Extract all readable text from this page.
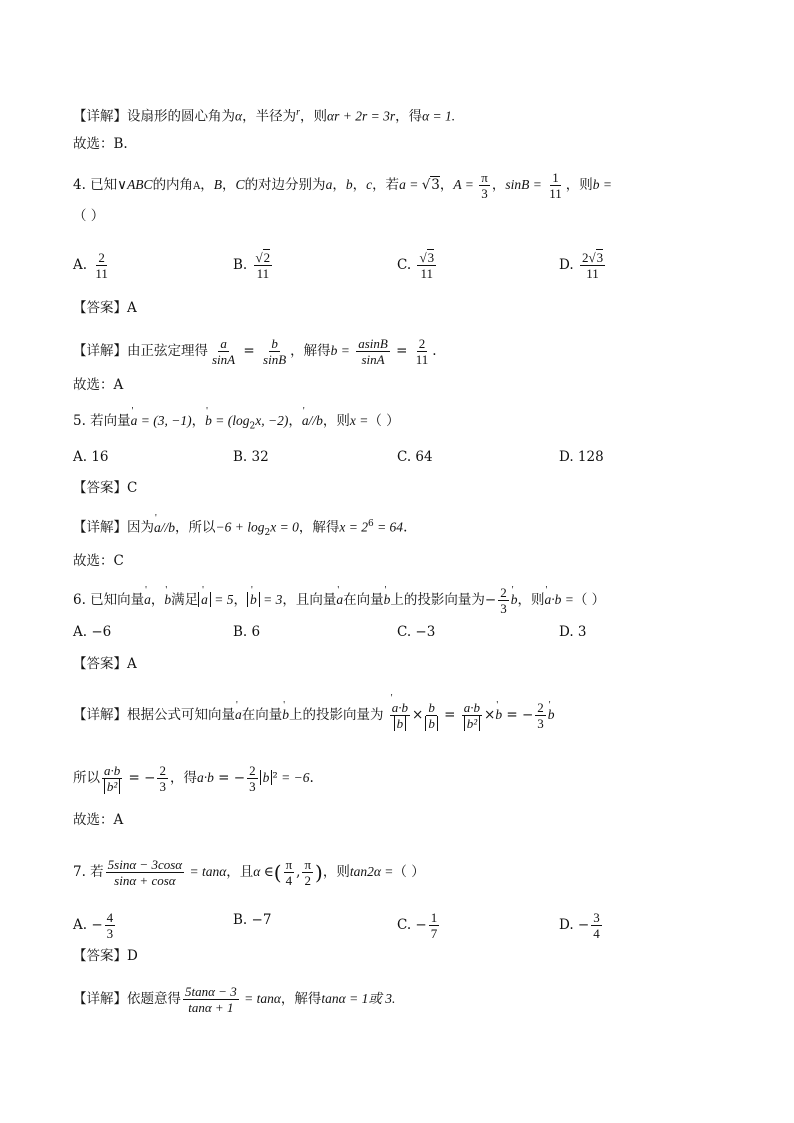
【详解】设扇形的圆心角为α，半径为$^r$，则αr + 2r = 3r，得α = 1.
故选：B.
4. 已知∨ABC的内角A，B，C的对边分别为a，b，c，若a = √3，$A = \frac{\pi}{3}$ ，$\sin B = \frac{1}{11}$ ，则b =
（ ）
A. $\frac{2}{11}$	B. $\frac{√2}{11}$	C. $\frac{√3}{11}$	D. $\frac{2√3}{11}$
【答案】A
【详解】由正弦定理得 $\frac{a}{\sin A} = \frac{b}{\sin B}$ ，解得$b = \frac{asinB}{\sin A} = \frac{2}{11}$ .
故选：A
5. 若向量' a = (3, −1)，' $b = (\log_2x$, −2)，' a//b，则x =（ ）
A. 16	B. 32	C. 64	D. 128
【答案】C
【详解】因为' a//b，所以$-6 + \log_2x = 0$，解得$x = 2^6 = 64$.
故选：C
6. 已知向量' a，' b满足 ' a = 5， ' b = 3，且向量' a在向量' b上的投影向量为− $\frac{2}{3}$ ' b，则' a·b =（ ）
A. −6	B. 6	C. −3	D. 3
【答案】A
【详解】根据公式可知向量' a在向量' b上的投影向量为 ' $\frac{a\cdot b}{b} \times \frac{b}{b} = \frac{a\cdot b}{\text{b²}}$ ×' b = − $\frac{2}{3}$ ' b
所以 $\frac{a\cdot b}{\text{b²}}$ = − $\frac{2}{3}$ ，得a·b = − $\frac{2}{3}$ b ² = −6.
故选：A
7. 若 $\frac{5\sin\alpha - 3\cos\alpha}{\sin\alpha + \cos\alpha} = \tan\alpha$，且α ∈( $\frac{\pi}{4}$ , $\frac{\pi}{2}$ )，则tan2α =（ ）
A. − $\frac{4}{3}$	B. −7	C. − $\frac{1}{7}$	D. − $\frac{3}{4}$
【答案】D
【详解】依题意得 $\frac{5\tan\alpha - 3}{\tan\alpha + 1} = \tan\alpha$，解得tanα = 1或 3.
